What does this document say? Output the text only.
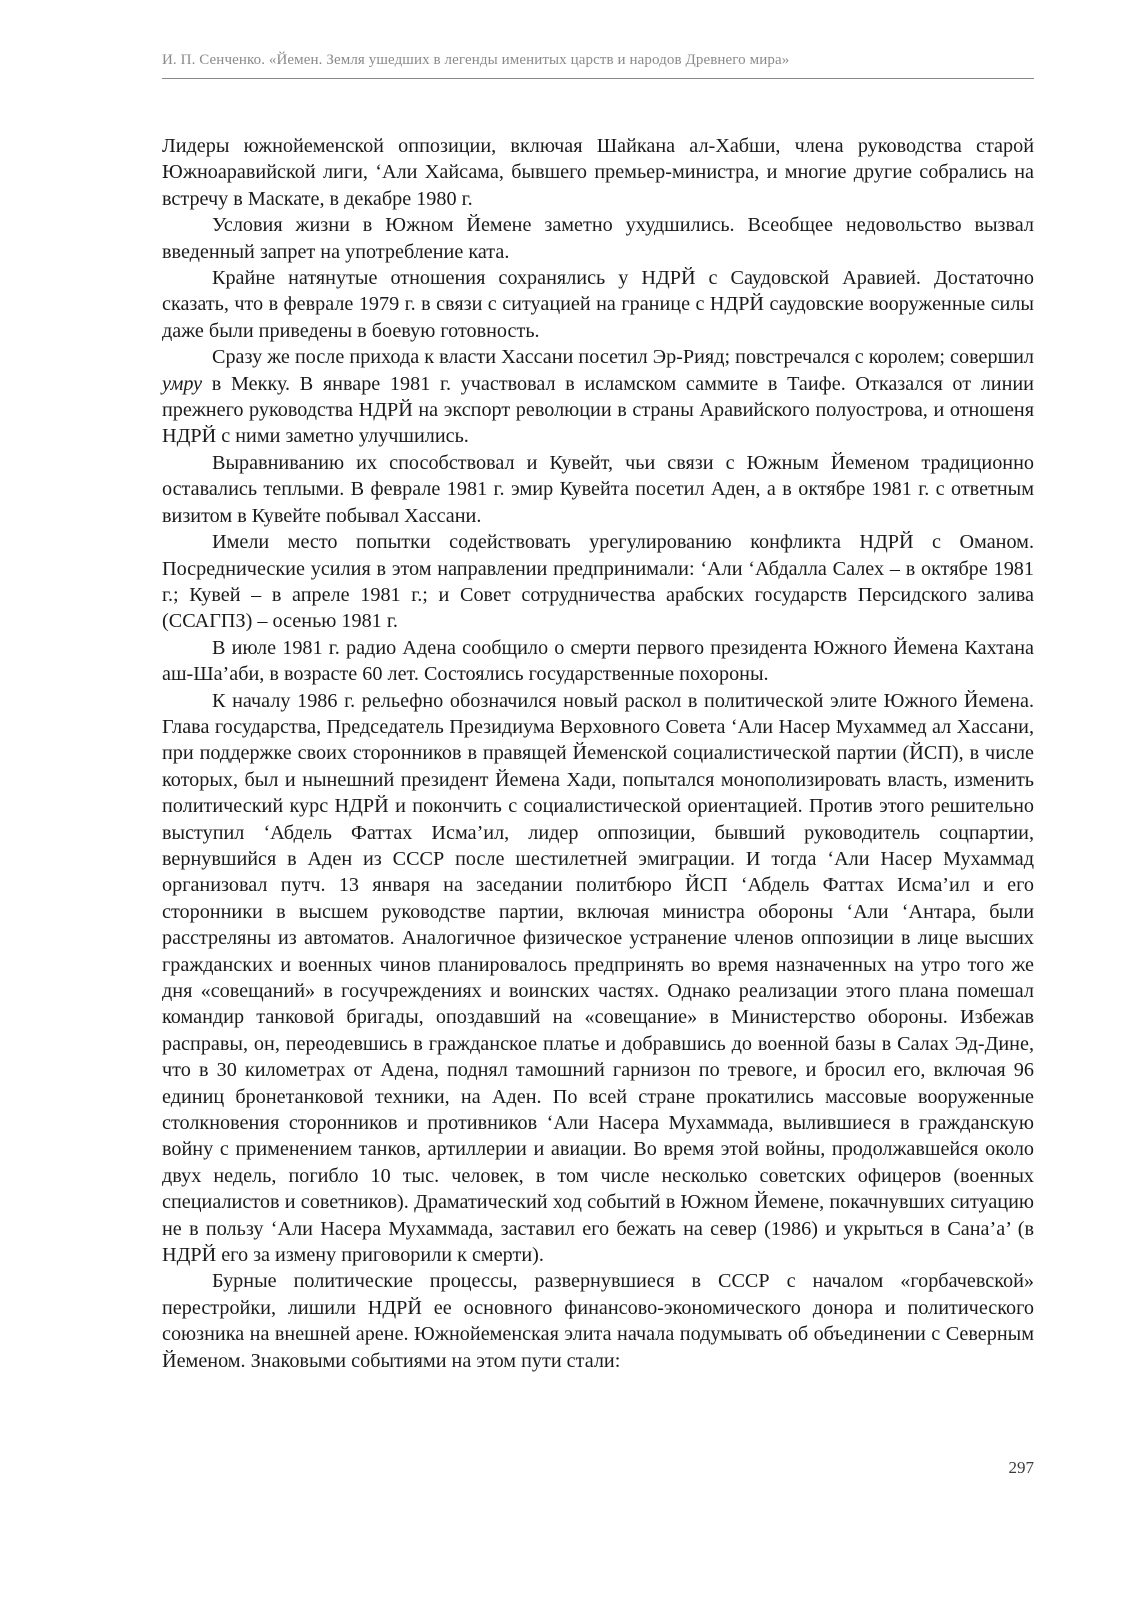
И. П. Сенченко. «Йемен. Земля ушедших в легенды именитых царств и народов Древнего мира»

Лидеры южнойеменской оппозиции, включая Шайкана ал-Хабши, члена руководства старой Южноаравийской лиги, ‘Али Хайсама, бывшего премьер-министра, и многие другие собрались на встречу в Маскате, в декабре 1980 г.

Условия жизни в Южном Йемене заметно ухудшились. Всеобщее недовольство вызвал введенный запрет на употребление ката.

Крайне натянутые отношения сохранялись у НДРЙ с Саудовской Аравией. Достаточно сказать, что в феврале 1979 г. в связи с ситуацией на границе с НДРЙ саудовские вооруженные силы даже были приведены в боевую готовность.

Сразу же после прихода к власти Хассани посетил Эр-Рияд; повстречался с королем; совершил умру в Мекку. В январе 1981 г. участвовал в исламском саммите в Таифе. Отказался от линии прежнего руководства НДРЙ на экспорт революции в страны Аравийского полуострова, и отношеня НДРЙ с ними заметно улучшились.

Выравниванию их способствовал и Кувейт, чьи связи с Южным Йеменом традиционно оставались теплыми. В феврале 1981 г. эмир Кувейта посетил Аден, а в октябре 1981 г. с ответным визитом в Кувейте побывал Хассани.

Имели место попытки содействовать урегулированию конфликта НДРЙ с Оманом. Посреднические усилия в этом направлении предпринимали: ‘Али ‘Абдалла Салех – в октябре 1981 г.; Кувей – в апреле 1981 г.; и Совет сотрудничества арабских государств Персидского залива (ССАГПЗ) – осенью 1981 г.

В июле 1981 г. радио Адена сообщило о смерти первого президента Южного Йемена Кахтана аш-Ша’аби, в возрасте 60 лет. Состоялись государственные похороны.

К началу 1986 г. рельефно обозначился новый раскол в политической элите Южного Йемена. Глава государства, Председатель Президиума Верховного Совета ‘Али Насер Мухаммед ал Хассани, при поддержке своих сторонников в правящей Йеменской социалистической партии (ЙСП), в числе которых, был и нынешний президент Йемена Хади, попытался монополизировать власть, изменить политический курс НДРЙ и покончить с социалистической ориентацией. Против этого решительно выступил ‘Абдель Фаттах Исма’ил, лидер оппозиции, бывший руководитель соцпартии, вернувшийся в Аден из СССР после шестилетней эмиграции. И тогда ‘Али Насер Мухаммад организовал путч. 13 января на заседании политбюро ЙСП ‘Абдель Фаттах Исма’ил и его сторонники в высшем руководстве партии, включая министра обороны ‘Али ‘Антара, были расстреляны из автоматов. Аналогичное физическое устранение членов оппозиции в лице высших гражданских и военных чинов планировалось предпринять во время назначенных на утро того же дня «совещаний» в госучреждениях и воинских частях. Однако реализации этого плана помешал командир танковой бригады, опоздавший на «совещание» в Министерство обороны. Избежав расправы, он, переодевшись в гражданское платье и добравшись до военной базы в Салах Эд-Дине, что в 30 километрах от Адена, поднял тамошний гарнизон по тревоге, и бросил его, включая 96 единиц бронетанковой техники, на Аден. По всей стране прокатились массовые вооруженные столкновения сторонников и противников ‘Али Насера Мухаммада, вылившиеся в гражданскую войну с применением танков, артиллерии и авиации. Во время этой войны, продолжавшейся около двух недель, погибло 10 тыс. человек, в том числе несколько советских офицеров (военных специалистов и советников). Драматический ход событий в Южном Йемене, покачнувших ситуацию не в пользу ‘Али Насера Мухаммада, заставил его бежать на север (1986) и укрыться в Сана’а’ (в НДРЙ его за измену приговорили к смерти).

Бурные политические процессы, развернувшиеся в СССР с началом «горбачевской» перестройки, лишили НДРЙ ее основного финансово-экономического донора и политического союзника на внешней арене. Южнойеменская элита начала подумывать об объединении с Северным Йеменом. Знаковыми событиями на этом пути стали:

297
